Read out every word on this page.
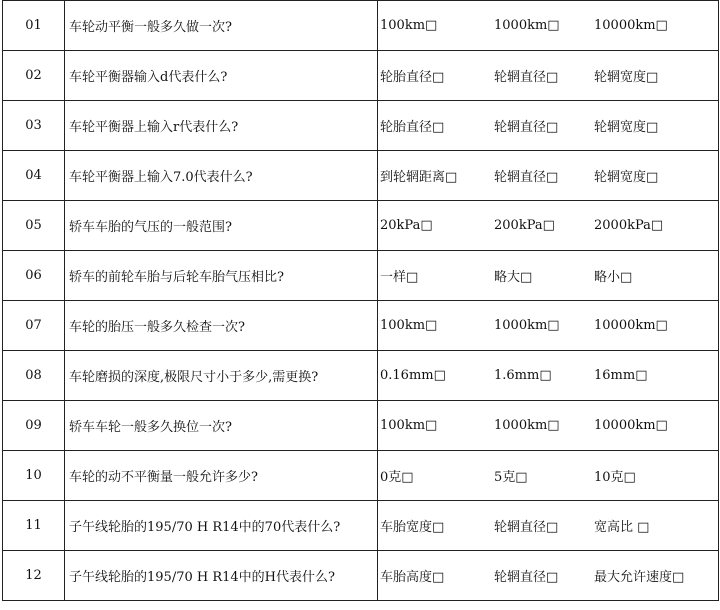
01	车轮动平衡一般多久做一次?	100km□ 1000km□ 10000km□
02	车轮平衡器输入d代表什么?	轮胎直径□ 轮辋直径□ 轮辋宽度□
03	车轮平衡器上输入r代表什么?	轮胎直径□ 轮辋直径□ 轮辋宽度□
04	车轮平衡器上输入7.0代表什么?	到轮辋距离□ 轮辋直径□ 轮辋宽度□
05	轿车车胎的气压的一般范围?	20kPa□ 200kPa□ 2000kPa□
06	轿车的前轮车胎与后轮车胎气压相比?	一样□ 略大□ 略小□
07	车轮的胎压一般多久检查一次?	100km□ 1000km□ 10000km□
08	车轮磨损的深度,极限尺寸小于多少,需更换?	0.16mm□ 1.6mm□ 16mm□
09	轿车车轮一般多久换位一次?	100km□ 1000km□ 10000km□
10	车轮的动不平衡量一般允许多少?	0克□ 5克□ 10克□
11	子午线轮胎的195/70 H R14中的70代表什么?	车胎宽度□ 轮辋直径□ 宽高比 □
12	子午线轮胎的195/70 H R14中的H代表什么?	车胎高度□ 轮辋直径□ 最大允许速度□
